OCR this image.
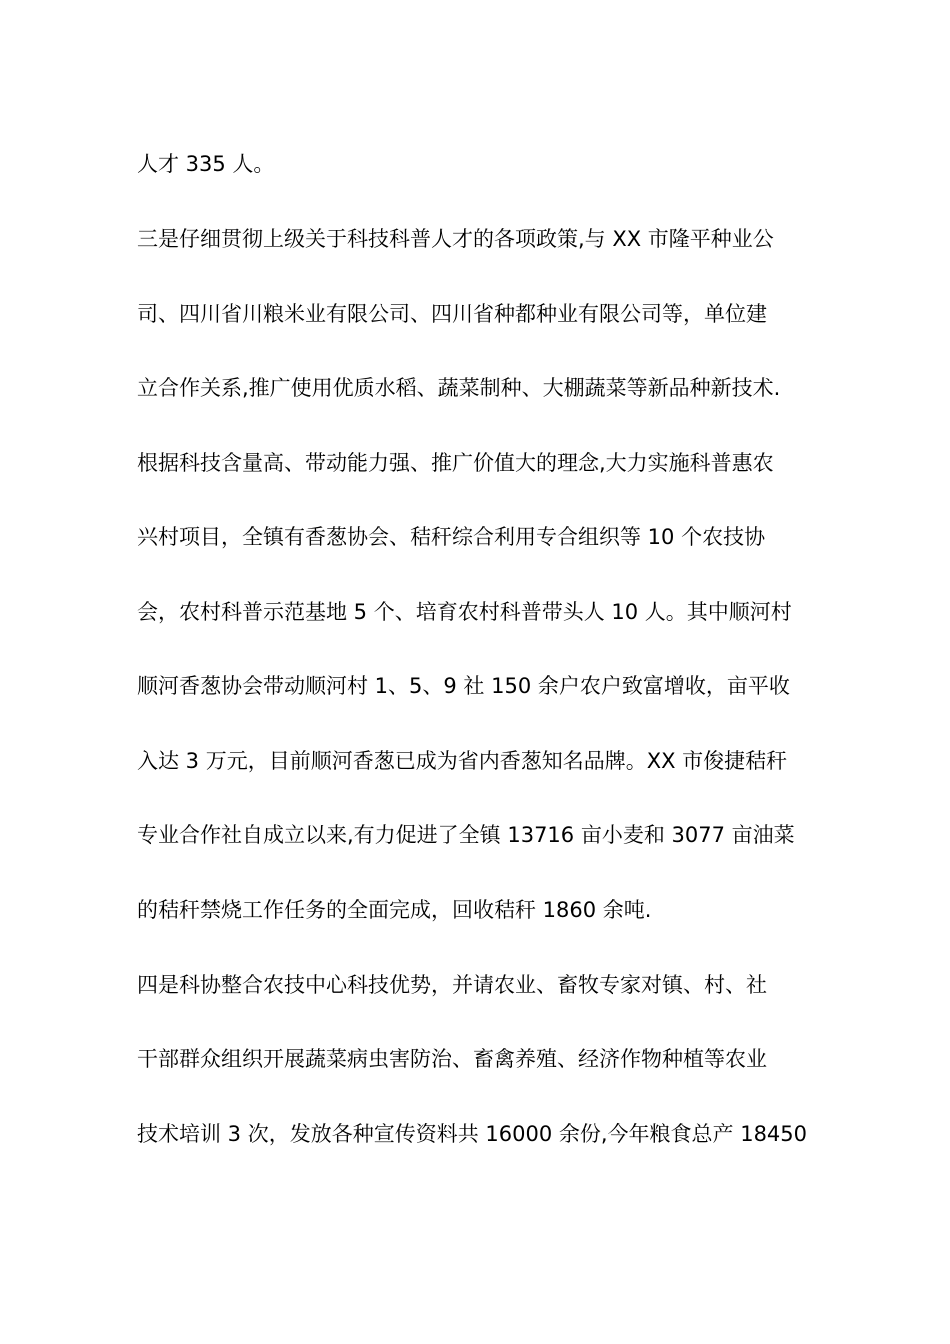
人才 335 人。
三是仔细贯彻上级关于科技科普人才的各项政策,与 XX 市隆平种业公
司、四川省川粮米业有限公司、四川省种都种业有限公司等，单位建
立合作关系,推广使用优质水稻、蔬菜制种、大棚蔬菜等新品种新技术.
根据科技含量高、带动能力强、推广价值大的理念,大力实施科普惠农
兴村项目，全镇有香葱协会、秸秆综合利用专合组织等 10 个农技协
会，农村科普示范基地 5 个、培育农村科普带头人 10 人。其中顺河村
顺河香葱协会带动顺河村 1、5、9 社 150 余户农户致富增收，亩平收
入达 3 万元，目前顺河香葱已成为省内香葱知名品牌。XX 市俊捷秸秆
专业合作社自成立以来,有力促进了全镇 13716 亩小麦和 3077 亩油菜
的秸秆禁烧工作任务的全面完成，回收秸秆 1860 余吨.
四是科协整合农技中心科技优势，并请农业、畜牧专家对镇、村、社
干部群众组织开展蔬菜病虫害防治、畜禽养殖、经济作物种植等农业
技术培训 3 次，发放各种宣传资料共 16000 余份,今年粮食总产 18450
